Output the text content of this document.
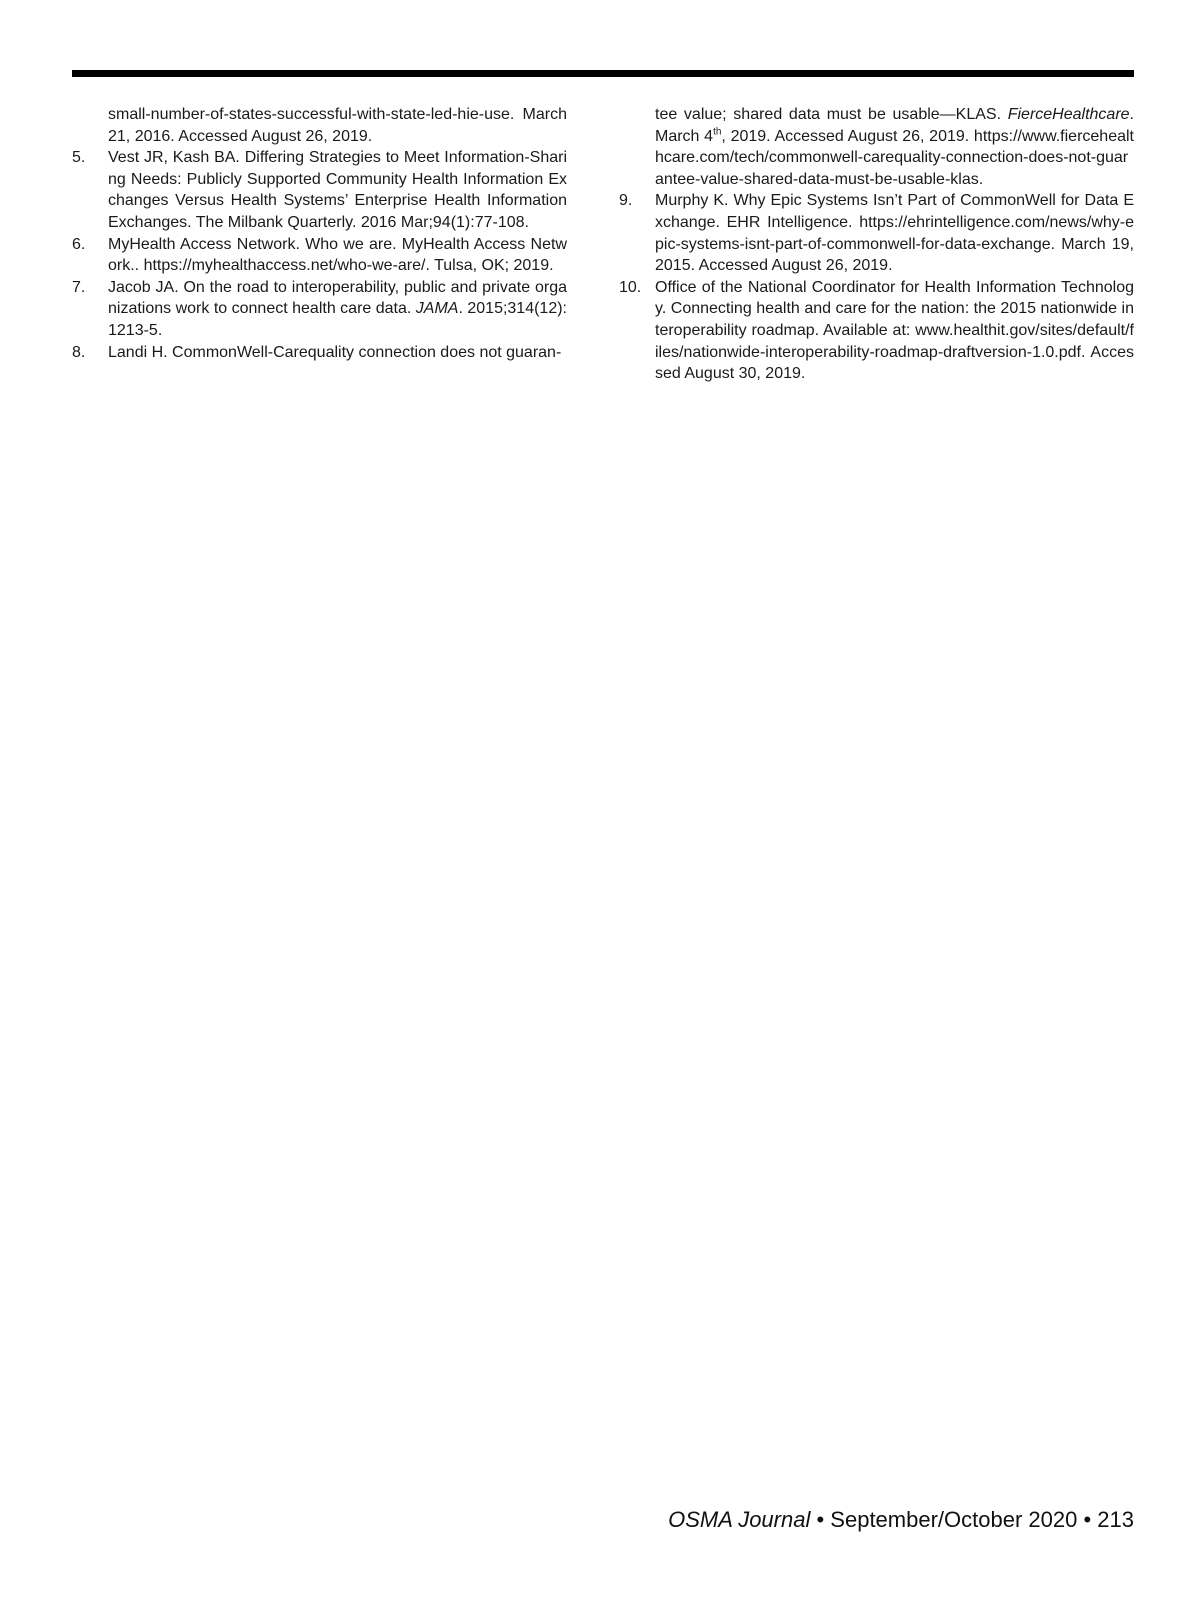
small-number-of-states-successful-with-state-led-hie-use. March 21, 2016. Accessed August 26, 2019.
5.	Vest JR, Kash BA. Differing Strategies to Meet Information-Sharing Needs: Publicly Supported Community Health Information Exchanges Versus Health Systems’ Enterprise Health Information Exchanges. The Milbank Quarterly. 2016 Mar;94(1):77-108.
6.	MyHealth Access Network. Who we are. MyHealth Access Network.. https://myhealthaccess.net/who-we-are/. Tulsa, OK; 2019.
7.	Jacob JA. On the road to interoperability, public and private organizations work to connect health care data. JAMA. 2015;314(12):1213-5.
8.	Landi H. CommonWell-Carequality connection does not guaran-
tee value; shared data must be usable—KLAS. FierceHealthcare. March 4th, 2019. Accessed August 26, 2019. https://www.fiercehealthcare.com/tech/commonwell-carequality-connection-does-not-guarantee-value-shared-data-must-be-usable-klas.
9.	Murphy K. Why Epic Systems Isn’t Part of CommonWell for Data Exchange. EHR Intelligence. https://ehrintelligence.com/news/why-epic-systems-isnt-part-of-commonwell-for-data-exchange. March 19, 2015. Accessed August 26, 2019.
10. Office of the National Coordinator for Health Information Technology. Connecting health and care for the nation: the 2015 nationwide interoperability roadmap. Available at: www.healthit.gov/sites/default/files/nationwide-interoperability-roadmap-draftversion-1.0.pdf. Accessed August 30, 2019.
OSMA Journal • September/October 2020 • 213
